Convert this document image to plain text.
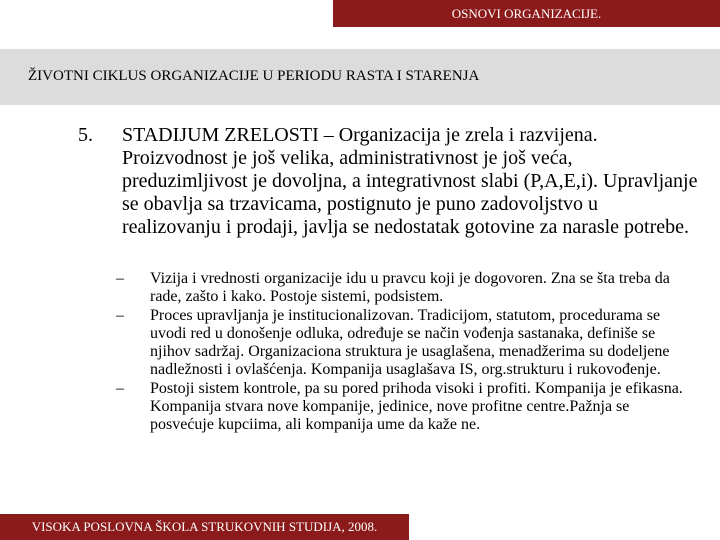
OSNOVI ORGANIZACIJE.
ŽIVOTNI CIKLUS ORGANIZACIJE U PERIODU RASTA I STARENJA
5. STADIJUM ZRELOSTI – Organizacija je zrela i razvijena. Proizvodnost je još velika, administrativnost je još veća, preduzimljivost je dovoljna, a integrativnost slabi (P,A,E,i). Upravljanje se obavlja sa trzavicama, postignuto je puno zadovoljstvo u realizovanju i prodaji, javlja se nedostatak gotovine za narasle potrebe.
– Vizija i vrednosti organizacije idu u pravcu koji je dogovoren. Zna se šta treba da rade, zašto i kako. Postoje sistemi, podsistem.
– Proces upravljanja je institucionalizovan. Tradicijom, statutom, procedurama se uvodi red u donošenje odluka, određuje se način vođenja sastanaka, definiše se njihov sadržaj. Organizaciona struktura je usaglašena, menadžerima su dodeljene nadležnosti i ovlašćenja. Kompanija usaglašava IS, org.strukturu i rukovođenje.
– Postoji sistem kontrole, pa su pored prihoda visoki i profiti. Kompanija je efikasna. Kompanija stvara nove kompanije, jedinice, nove profitne centre.Pažnja se posvećuje kupciima, ali kompanija ume da kaže ne.
VISOKA POSLOVNA ŠKOLA STRUKOVNIH STUDIJA, 2008.
